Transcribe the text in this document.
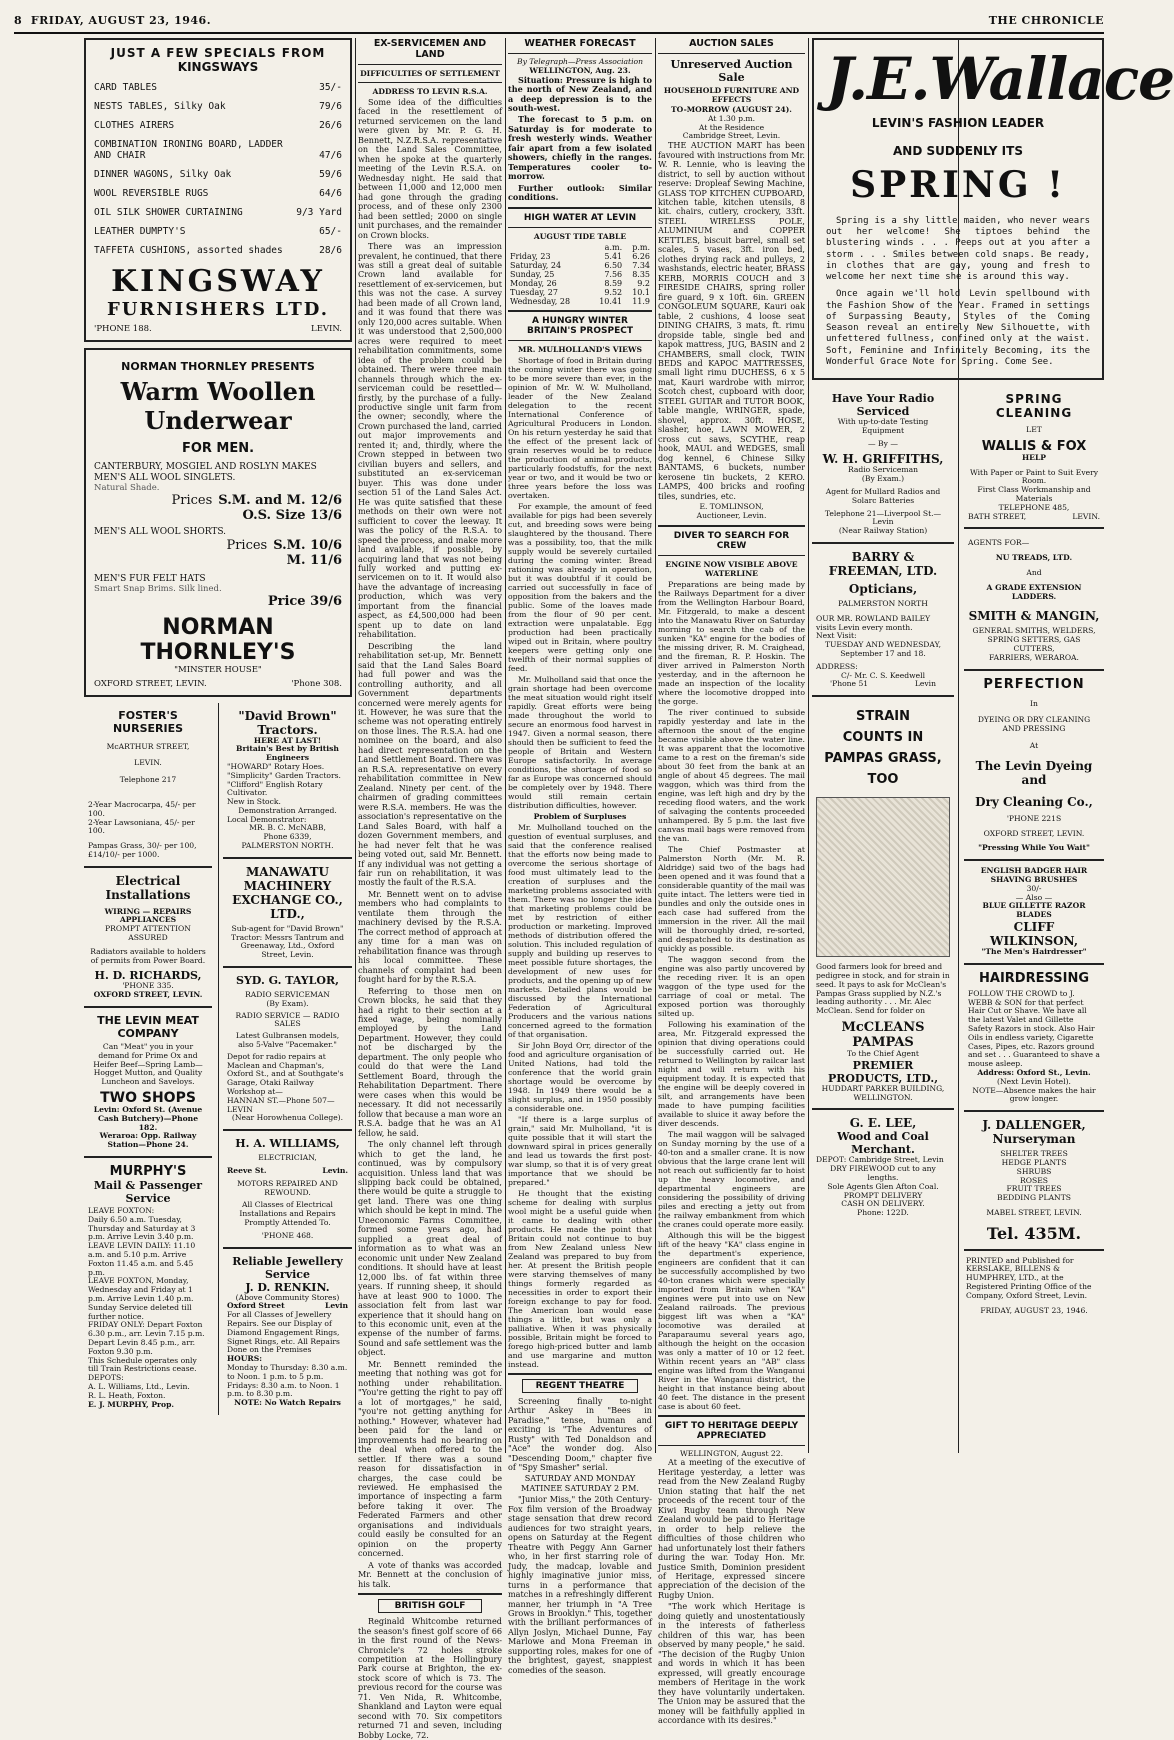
8 FRIDAY, AUGUST 23, 1946.	THE CHRONICLE
JUST A FEW SPECIALS FROM
KINGSWAYS
CARD TABLES	35/-
NESTS TABLES, Silky Oak	79/6
CLOTHES AIRERS	26/6
COMBINATION IRONING BOARD, LADDER AND CHAIR	47/6
DINNER WAGONS, Silky Oak	59/6
WOOL REVERSIBLE RUGS	64/6
OIL SILK SHOWER CURTAINING	9/3 Yard
LEATHER DUMPTY'S	65/-
TAFFETA CUSHIONS, assorted shades	28/6
KINGSWAY
FURNISHERS LTD.
'PHONE 188.	LEVIN.
NORMAN THORNLEY PRESENTS
Warm Woollen Underwear
FOR MEN.
CANTERBURY, MOSGIEL AND ROSLYN MAKES
MEN'S ALL WOOL SINGLETS.
Natural Shade.
Prices S.M. and M. 12/6
O.S. Size 13/6
MEN'S ALL WOOL SHORTS.
Prices S.M. 10/6
M. 11/6
MEN'S FUR FELT HATS
Smart Snap Brims. Silk lined.
Price 39/6
NORMAN THORNLEY'S
"MINSTER HOUSE"
OXFORD STREET, LEVIN.	'Phone 308.
FOSTER'S NURSERIES
McARTHUR STREET,
LEVIN.
Telephone 217
2-Year Macrocarpa, 45/- per 100.
2-Year Lawsoniana, 45/- per 100.
Pampas Grass, 30/- per 100, £14/10/- per 1000.
Electrical Installations
WIRING — REPAIRS APPLIANCES
PROMPT ATTENTION ASSURED
Radiators available to holders of permits from Power Board.
H. D. RICHARDS,
'PHONE 335.
OXFORD STREET, LEVIN.
THE LEVIN MEAT COMPANY
Can "Meat" you in your demand for Prime Ox and Heifer Beef—Spring Lamb—Hogget Mutton, and Quality Luncheon and Saveloys.
TWO SHOPS
Levin: Oxford St. (Avenue Cash Butchery)—Phone 182.
Weraroa: Opp. Railway Station—Phone 24.
MURPHY'S
Mail & Passenger Service
LEAVE FOXTON:
Daily 6.50 a.m. Tuesday, Thursday and Saturday at 3 p.m. Arrive Levin 3.40 p.m.
LEAVE LEVIN DAILY: 11.10 a.m. and 5.10 p.m. Arrive Foxton 11.45 a.m. and 5.45 p.m.
LEAVE FOXTON, Monday, Wednesday and Friday at 1 p.m. Arrive Levin 1.40 p.m. Sunday Service deleted till further notice.
FRIDAY ONLY: Depart Foxton 6.30 p.m., arr. Levin 7.15 p.m. Depart Levin 8.45 p.m., arr. Foxton 9.30 p.m.
This Schedule operates only till Train Restrictions cease.
DEPOTS:
A. L. Williams, Ltd., Levin.
R. L. Heath, Foxton.
E. J. MURPHY, Prop.
"David Brown" Tractors.
HERE AT LAST!
Britain's Best by British Engineers
"HOWARD" Rotary Hoes.
"Simplicity" Garden Tractors.
"Clifford" English Rotary Cultivator.
New in Stock.
Demonstration Arranged.
Local Demonstrator:
MR. B. C. McNABB,
Phone 6339,
PALMERSTON NORTH.
MANAWATU MACHINERY EXCHANGE CO., LTD.,
Sub-agent for "David Brown" Tractor: Messrs Tantrum and Greenaway, Ltd., Oxford Street, Levin.
SYD. G. TAYLOR,
RADIO SERVICEMAN
(By Exam).
RADIO SERVICE — RADIO SALES
Latest Gulbransen models, also 5-Valve "Pacemaker."
Depot for radio repairs at Maclean and Chapman's, Oxford St., and at Southgate's Garage, Otaki Railway Workshop at—
HANNAN ST.—Phone 507—LEVIN
(Near Horowhenua College).
H. A. WILLIAMS,
ELECTRICIAN,
Reeve St.	Levin.
MOTORS REPAIRED AND REWOUND.
All Classes of Electrical Installations and Repairs Promptly Attended To.
'PHONE 468.
Reliable Jewellery Service
J. D. RENKIN.
(Above Community Stores)
Oxford Street	Levin
For all Classes of Jewellery Repairs. See our Display of Diamond Engagement Rings, Signet Rings, etc. All Repairs Done on the Premises
HOURS:
Monday to Thursday: 8.30 a.m. to Noon. 1 p.m. to 5 p.m.
Fridays: 8.30 a.m. to Noon. 1 p.m. to 8.30 p.m.
NOTE: No Watch Repairs
EX-SERVICEMEN AND LAND
DIFFICULTIES OF SETTLEMENT
ADDRESS TO LEVIN R.S.A.

Some idea of the difficulties faced in the resettlement of returned servicemen on the land were given by Mr. P. G. H. Bennett, N.Z.R.S.A. representative on the Land Sales Committee, when he spoke at the quarterly meeting of the Levin R.S.A. on Wednesday night. He said that between 11,000 and 12,000 men had gone through the grading process, and of these only 2300 had been settled; 2000 on single unit purchases, and the remainder on Crown blocks.

There was an impression prevalent, he continued, that there was still a great deal of suitable Crown land available for resettlement of ex-servicemen, but this was not the case. A survey had been made of all Crown land, and it was found that there was only 120,000 acres suitable. When it was understood that 2,500,000 acres were required to meet rehabilitation commitments, some idea of the problem could be obtained. There were three main channels through which the ex-serviceman could be resettled—firstly, by the purchase of a fully-productive single unit farm from the owner; secondly, where the Crown purchased the land, carried out major improvements and rented it; and, thirdly, where the Crown stepped in between two civilian buyers and sellers, and substituted an ex-serviceman buyer. This was done under section 51 of the Land Sales Act. He was quite satisfied that these methods on their own were not sufficient to cover the leeway. It was the policy of the R.S.A. to speed the process, and make more land available, if possible, by acquiring land that was not being fully worked and putting ex-servicemen on to it. It would also have the advantage of increasing production, which was very important from the financial aspect, as £4,500,000 had been spent up to date on land rehabilitation.

Describing the land rehabilitation set-up, Mr. Bennett said that the Land Sales Board had full power and was the controlling authority, and all Government departments concerned were merely agents for it. However, he was sure that the scheme was not operating entirely on those lines. The R.S.A. had one nominee on the board, and also had direct representation on the Land Settlement Board. There was an R.S.A. representative on every rehabilitation committee in New Zealand. Ninety per cent. of the chairmen of grading committees were R.S.A. members. He was the association's representative on the Land Sales Board, with half a dozen Government members, and he had never felt that he was being voted out, said Mr. Bennett. If any individual was not getting a fair run on rehabilitation, it was mostly the fault of the R.S.A.

Mr. Bennett went on to advise members who had complaints to ventilate them through the machinery devised by the R.S.A. The correct method of approach at any time for a man was on rehabilitation finance was through his local committee. These channels of complaint had been fought hard for by the R.S.A.

Referring to those men on Crown blocks, he said that they had a right to their section at a fixed wage, being nominally employed by the Land Department. However, they could not be discharged by the department. The only people who could do that were the Land Settlement Board, through the Rehabilitation Department. There were cases when this would be necessary. It did not necessarily follow that because a man wore an R.S.A. badge that he was an A1 fellow, he said.

The only channel left through which to get the land, he continued, was by compulsory acquisition. Unless land that was slipping back could be obtained, there would be quite a struggle to get land. There was one thing which should be kept in mind. The Uneconomic Farms Committee, formed some years ago, had supplied a great deal of information as to what was an economic unit under New Zealand conditions. It should have at least 12,000 lbs. of fat within three years. If running sheep, it should have at least 900 to 1000. The association felt from last war experience that it should hang on to this economic unit, even at the expense of the number of farms. Sound and safe settlement was the object.

Mr. Bennett reminded the meeting that nothing was got for nothing under rehabilitation. "You're getting the right to pay off a lot of mortgages," he said, "you're not getting anything for nothing." However, whatever had been paid for the land or improvements had no bearing on the deal when offered to the settler. If there was a sound reason for dissatisfaction in charges, the case could be reviewed. He emphasised the importance of inspecting a farm before taking it over. The Federated Farmers and other organisations and individuals could easily be consulted for an opinion on the property concerned.

A vote of thanks was accorded Mr. Bennett at the conclusion of his talk.

BRITISH GOLF

Reginald Whitcombe returned the season's finest golf score of 66 in the first round of the News-Chronicle's 72 holes stroke competition at the Hollingbury Park course at Brighton, the ex-stock score of which is 73. The previous record for the course was 71. Ven Nida, R. Whitcombe, Shankland and Layton were equal second with 70. Six competitors returned 71 and seven, including Bobby Locke, 72.

WEATHER FORECAST
By Telegraph—Press Association
WELLINGTON, Aug. 23.

Situation: Pressure is high to the north of New Zealand, and a deep depression is to the south-west.

The forecast to 5 p.m. on Saturday is for moderate to fresh westerly winds. Weather fair apart from a few isolated showers, chiefly in the ranges. Temperatures cooler to-morrow.

Further outlook: Similar conditions.

HIGH WATER AT LEVIN
AUGUST TIDE TABLE
	a.m.	p.m.
Friday, 23	5.41	6.26
Saturday, 24	6.50	7.34
Sunday, 25	7.56	8.35
Monday, 26	8.59	9.2
Tuesday, 27	9.52	10.1
Wednesday, 28	10.41	11.9
A HUNGRY WINTER BRITAIN'S PROSPECT
MR. MULHOLLAND'S VIEWS

Shortage of food in Britain during the coming winter there was going to be more severe than ever, in the opinion of Mr. W. W. Mulholland, leader of the New Zealand delegation to the recent International Conference of Agricultural Producers in London. On his return yesterday he said that the effect of the present lack of grain reserves would be to reduce the production of animal products, particularly foodstuffs, for the next year or two, and it would be two or three years before the loss was overtaken.

For example, the amount of feed available for pigs had been severely cut, and breeding sows were being slaughtered by the thousand. There was a possibility, too, that the milk supply would be severely curtailed during the coming winter. Bread rationing was already in operation, but it was doubtful if it could be carried out successfully in face of opposition from the bakers and the public. Some of the loaves made from the flour of 90 per cent. extraction were unpalatable. Egg production had been practically wiped out in Britain, where poultry keepers were getting only one twelfth of their normal supplies of feed.

Mr. Mulholland said that once the grain shortage had been overcome the meat situation would right itself rapidly. Great efforts were being made throughout the world to secure an enormous food harvest in 1947. Given a normal season, there should then be sufficient to feed the people of Britain and Western Europe satisfactorily. In average conditions, the shortage of food so far as Europe was concerned should be completely over by 1948. There would still remain certain distribution difficulties, however.

Problem of Surpluses

Mr. Mulholland touched on the question of eventual surpluses, and said that the conference realised that the efforts now being made to overcome the serious shortage of food must ultimately lead to the creation of surpluses and the marketing problems associated with them. There was no longer the idea that marketing problems could be met by restriction of either production or marketing. Improved methods of distribution offered the solution. This included regulation of supply and building up reserves to meet possible future shortages, the development of new uses for products, and the opening up of new markets. Detailed plans would be discussed by the International Federation of Agricultural Producers and the various nations concerned agreed to the formation of that organisation.

Sir John Boyd Orr, director of the food and agriculture organisation of United Nations, had told the conference that the world grain shortage would be overcome by 1948. In 1949 there would be a slight surplus, and in 1950 possibly a considerable one.

"If there is a large surplus of grain," said Mr. Mulholland, "it is quite possible that it will start the downward spiral in prices generally and lead us towards the first post-war slump, so that it is of very great importance that we should be prepared."

He thought that the existing scheme for dealing with surplus wool might be a useful guide when it came to dealing with other products. He made the point that Britain could not continue to buy from New Zealand unless New Zealand was prepared to buy from her. At present the British people were starving themselves of many things formerly regarded as necessities in order to export their foreign exchange to pay for food. The American loan would ease things a little, but was only a palliative. When it was physically possible, Britain might be forced to forego high-priced butter and lamb and use margarine and mutton instead.

REGENT THEATRE

Screening finally to-night Arthur Askey in "Bees in Paradise," tense, human and exciting is "The Adventures of Rusty" with Ted Donaldson and "Ace" the wonder dog. Also "Descending Doom," chapter five of "Spy Smasher" serial.

SATURDAY AND MONDAY MATINEE SATURDAY 2 P.M.

"Junior Miss," the 20th Century-Fox film version of the Broadway stage sensation that drew record audiences for two straight years, opens on Saturday at the Regent Theatre with Peggy Ann Garner who, in her first starring role of Judy, the madcap, lovable and highly imaginative junior miss, turns in a performance that matches in a refreshingly different manner, her triumph in "A Tree Grows in Brooklyn." This, together with the brilliant performances of Allyn Joslyn, Michael Dunne, Fay Marlowe and Mona Freeman in supporting roles, makes for one of the brightest, gayest, snappiest comedies of the season.

AUCTION SALES
Unreserved Auction Sale
HOUSEHOLD FURNITURE AND EFFECTS
TO-MORROW (AUGUST 24).
At 1.30 p.m.
At the Residence
Cambridge Street, Levin.

THE AUCTION MART has been favoured with instructions from Mr. W. R. Lennie, who is leaving the district, to sell by auction without reserve: Dropleaf Sewing Machine, GLASS TOP KITCHEN CUPBOARD, kitchen table, kitchen utensils, 8 kit. chairs, cutlery, crockery, 33ft. STEEL WIRELESS POLE, ALUMINIUM and COPPER KETTLES, biscuit barrel, small set scales, 5 vases, 3ft. iron bed, clothes drying rack and pulleys, 2 washstands, electric heater, BRASS KERB, MORRIS COUCH and 3 FIRESIDE CHAIRS, spring roller fire guard, 9 x 10ft. 6in. GREEN CONGOLEUM SQUARE, Kauri oak table, 2 cushions, 4 loose seat DINING CHAIRS, 3 mats, ft. rimu dropside table, single bed and kapok mattress, JUG, BASIN and 2 CHAMBERS, small clock, TWIN BEDS and KAPOC MATTRESSES, small light rimu DUCHESS, 6 x 5 mat, Kauri wardrobe with mirror, Scotch chest, cupboard with door, STEEL GUITAR and TUTOR BOOK, table mangle, WRINGER, spade, shovel, approx. 30ft. HOSE, slasher, hoe, LAWN MOWER, 2 cross cut saws, SCYTHE, reap hook, MAUL and WEDGES, small dog kennel, 6 Chinese Silky BANTAMS, 6 buckets, number kerosene tin buckets, 2 KERO. LAMPS, 400 bricks and roofing tiles, sundries, etc.

E. TOMLINSON,
Auctioneer, Levin.
DIVER TO SEARCH FOR CREW
ENGINE NOW VISIBLE ABOVE WATERLINE

Preparations are being made by the Railways Department for a diver from the Wellington Harbour Board, Mr. Fitzgerald, to make a descent into the Manawatu River on Saturday morning to search the cab of the sunken "KA" engine for the bodies of the missing driver, R. M. Craighead, and the fireman, R. P. Hoskin. The diver arrived in Palmerston North yesterday, and in the afternoon he made an inspection of the locality where the locomotive dropped into the gorge.

The river continued to subside rapidly yesterday and late in the afternoon the snout of the engine became visible above the water line. It was apparent that the locomotive came to a rest on the fireman's side about 30 feet from the bank at an angle of about 45 degrees. The mail waggon, which was third from the engine, was left high and dry by the receding flood waters, and the work of salvaging the contents proceeded unhampered. By 5 p.m. the last five canvas mail bags were removed from the van.

The Chief Postmaster at Palmerston North (Mr. M. R. Aldridge) said two of the bags had been opened and it was found that a considerable quantity of the mail was quite intact. The letters were tied in bundles and only the outside ones in each case had suffered from the immersion in the river. All the mail will be thoroughly dried, re-sorted, and despatched to its destination as quickly as possible.

The waggon second from the engine was also partly uncovered by the receding river. It is an open waggon of the type used for the carriage of coal or metal. The exposed portion was thoroughly silted up.

Following his examination of the area, Mr. Fitzgerald expressed the opinion that diving operations could be successfully carried out. He returned to Wellington by railcar last night and will return with his equipment today. It is expected that the engine will be deeply covered in silt, and arrangements have been made to have pumping facilities available to sluice it away before the diver descends.

The mail waggon will be salvaged on Sunday morning by the use of a 40-ton and a smaller crane. It is now obvious that the large crane lent will not reach out sufficiently far to hoist up the heavy locomotive, and departmental engineers are considering the possibility of driving piles and erecting a jetty out from the railway embankment from which the cranes could operate more easily.

Although this will be the biggest lift of the heavy "KA" class engine in the department's experience, engineers are confident that it can be successfully accomplished by two 40-ton cranes which were specially imported from Britain when "KA" engines were put into use on New Zealand railroads. The previous biggest lift was when a "KA" locomotive was derailed at Paraparaumu several years ago, although the height on the occasion was only a matter of 10 or 12 feet. Within recent years an "AB" class engine was lifted from the Wanganui River in the Wanganui district, the height in that instance being about 40 feet. The distance in the present case is about 60 feet.

GIFT TO HERITAGE DEEPLY APPRECIATED
WELLINGTON, August 22.

At a meeting of the executive of Heritage yesterday, a letter was read from the New Zealand Rugby Union stating that half the net proceeds of the recent tour of the Kiwi Rugby team through New Zealand would be paid to Heritage in order to help relieve the difficulties of those children who had unfortunately lost their fathers during the war. Today Hon. Mr. Justice Smith, Dominion president of Heritage, expressed sincere appreciation of the decision of the Rugby Union.

"The work which Heritage is doing quietly and unostentatiously in the interests of fatherless children of this war, has been observed by many people," he said. "The decision of the Rugby Union and words in which it has been expressed, will greatly encourage members of Heritage in the work they have voluntarily undertaken. The Union may be assured that the money will be faithfully applied in accordance with its desires."

J.E.Wallace
LEVIN'S FASHION LEADER
AND SUDDENLY ITS
SPRING !

Spring is a shy little maiden, who never wears out her welcome! She tiptoes behind the blustering winds . . . Peeps out at you after a storm . . . Smiles between cold snaps. Be ready, in clothes that are gay, young and fresh to welcome her next time she is around this way.

Once again we'll hold Levin spellbound with the Fashion Show of the Year. Framed in settings of Surpassing Beauty, Styles of the Coming Season reveal an entirely New Silhouette, with unfettered fullness, confined only at the waist. Soft, Feminine and Infinitely Becoming, its the Wonderful Grace Note for Spring. Come See.

Have Your Radio Serviced
With up-to-date Testing Equipment
— By —
W. H. GRIFFITHS,
Radio Serviceman
(By Exam.)
Agent for Mullard Radios and Solarc Batteries
Telephone 21—Liverpool St.—Levin
(Near Railway Station)
BARRY & FREEMAN, LTD.
Opticians,
PALMERSTON NORTH
OUR MR. ROWLAND BAILEY visits Levin every month.
Next Visit:
TUESDAY AND WEDNESDAY, September 17 and 18.
ADDRESS:
C/- Mr. C. S. Keedwell
'Phone 51	Levin
STRAIN
COUNTS IN
PAMPAS GRASS,
TOO
Good farmers look for breed and pedigree in stock, and for strain in seed. It pays to ask for McClean's Pampas Grass supplied by N.Z.'s leading authority . . . Mr. Alec McClean. Send for folder on
McCLEANS PAMPAS
To the Chief Agent
PREMIER PRODUCTS, LTD.,
HUDDART PARKER BUILDING,
WELLINGTON.
G. E. LEE,
Wood and Coal Merchant.
DEPOT: Cambridge Street, Levin
DRY FIREWOOD cut to any lengths.
Sole Agents Glen Afton Coal.
PROMPT DELIVERY
CASH ON DELIVERY.
Phone: 122D.
SPRING CLEANING
LET
WALLIS & FOX
HELP
With Paper or Paint to Suit Every Room.
First Class Workmanship and Materials
TELEPHONE 485,
BATH STREET,	LEVIN.
AGENTS FOR—
NU TREADS, LTD.
And
A GRADE EXTENSION LADDERS.
SMITH & MANGIN,
GENERAL SMITHS, WELDERS,
SPRING SETTERS, GAS CUTTERS,
FARRIERS, WERAROA.
PERFECTION
In
DYEING OR DRY CLEANING AND PRESSING
At
The Levin Dyeing and
Dry Cleaning Co.,
'PHONE 221S
OXFORD STREET, LEVIN.
"Pressing While You Wait"
ENGLISH BADGER HAIR SHAVING BRUSHES
30/-
— Also —
BLUE GILLETTE RAZOR BLADES
CLIFF WILKINSON,
"The Men's Hairdresser"
HAIRDRESSING
FOLLOW THE CROWD to J. WEBB & SON for that perfect Hair Cut or Shave. We have all the latest Valet and Gillette Safety Razors in stock. Also Hair Oils in endless variety, Cigarette Cases, Pipes, etc. Razors ground and set . . . Guaranteed to shave a mouse asleep.
Address: Oxford St., Levin.
(Next Levin Hotel).
NOTE—Absence makes the hair grow longer.
J. DALLENGER,
Nurseryman
SHELTER TREES
HEDGE PLANTS
SHRUBS
ROSES
FRUIT TREES
BEDDING PLANTS
MABEL STREET, LEVIN.
Tel. 435M.
PRINTED and Published for KERSLAKE, BILLENS & HUMPHREY, LTD., at the Registered Printing Office of the Company, Oxford Street, Levin.
FRIDAY, AUGUST 23, 1946.
